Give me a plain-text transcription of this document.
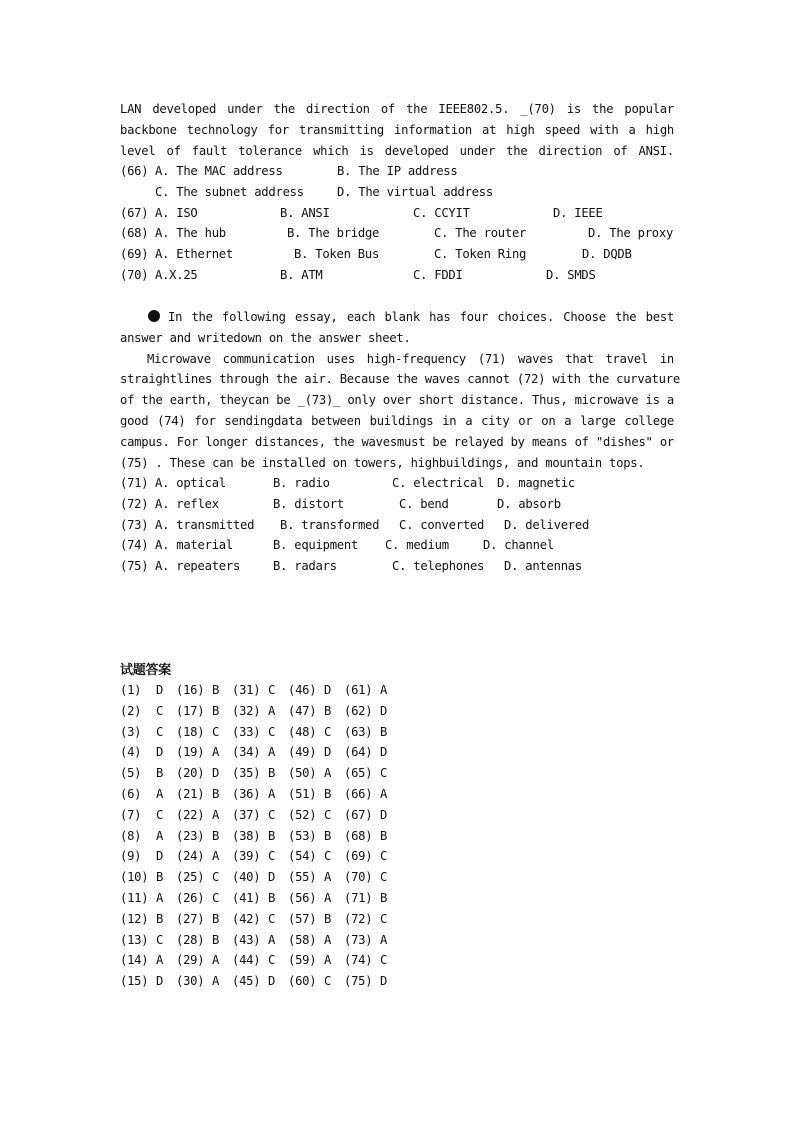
LAN developed under the direction of the IEEE802.5. _(70) is the popular
backbone technology for transmitting information at high speed with a high
level of fault tolerance which is developed under the direction of ANSI.
(66) A. The MAC address	B. The IP address
C. The subnet address	D. The virtual address
(67) A. ISO	B. ANSI	C. CCYIT	D. IEEE
(68) A. The hub	B. The bridge	C. The router	D. The proxy
(69) A. Ethernet	B. Token Bus	C. Token Ring	D. DQDB
(70) A.X.25	B. ATM	C. FDDI	D. SMDS
In the following essay, each blank has four choices. Choose the best
answer and writedown on the answer sheet.
Microwave communication uses high-frequency (71) waves that travel in
straightlines through the air. Because the waves cannot (72) with the curvature
of the earth, theycan be _(73)_ only over short distance. Thus, microwave is a
good (74) for sendingdata between buildings in a city or on a large college
campus. For longer distances, the wavesmust be relayed by means of "dishes" or
(75) . These can be installed on towers, highbuildings, and mountain tops.
(71) A. optical	B. radio	C. electrical D. magnetic
(72) A. reflex	B. distort	C. bend	D. absorb
(73) A. transmitted B. transformed C. converted D. delivered
(74) A. material	B. equipment C. medium	D. channel
(75) A. repeaters	B. radars	C. telephones D. antennas
试题答案
(1) D (16) B (31) C (46) D (61) A
(2) C (17) B (32) A (47) B (62) D
(3) C (18) C (33) C (48) C (63) B
(4) D (19) A (34) A (49) D (64) D
(5) B (20) D (35) B (50) A (65) C
(6) A (21) B (36) A (51) B (66) A
(7) C (22) A (37) C (52) C (67) D
(8) A (23) B (38) B (53) B (68) B
(9) D (24) A (39) C (54) C (69) C
(10) B (25) C (40) D (55) A (70) C
(11) A (26) C (41) B (56) A (71) B
(12) B (27) B (42) C (57) B (72) C
(13) C (28) B (43) A (58) A (73) A
(14) A (29) A (44) C (59) A (74) C
(15) D (30) A (45) D (60) C (75) D
